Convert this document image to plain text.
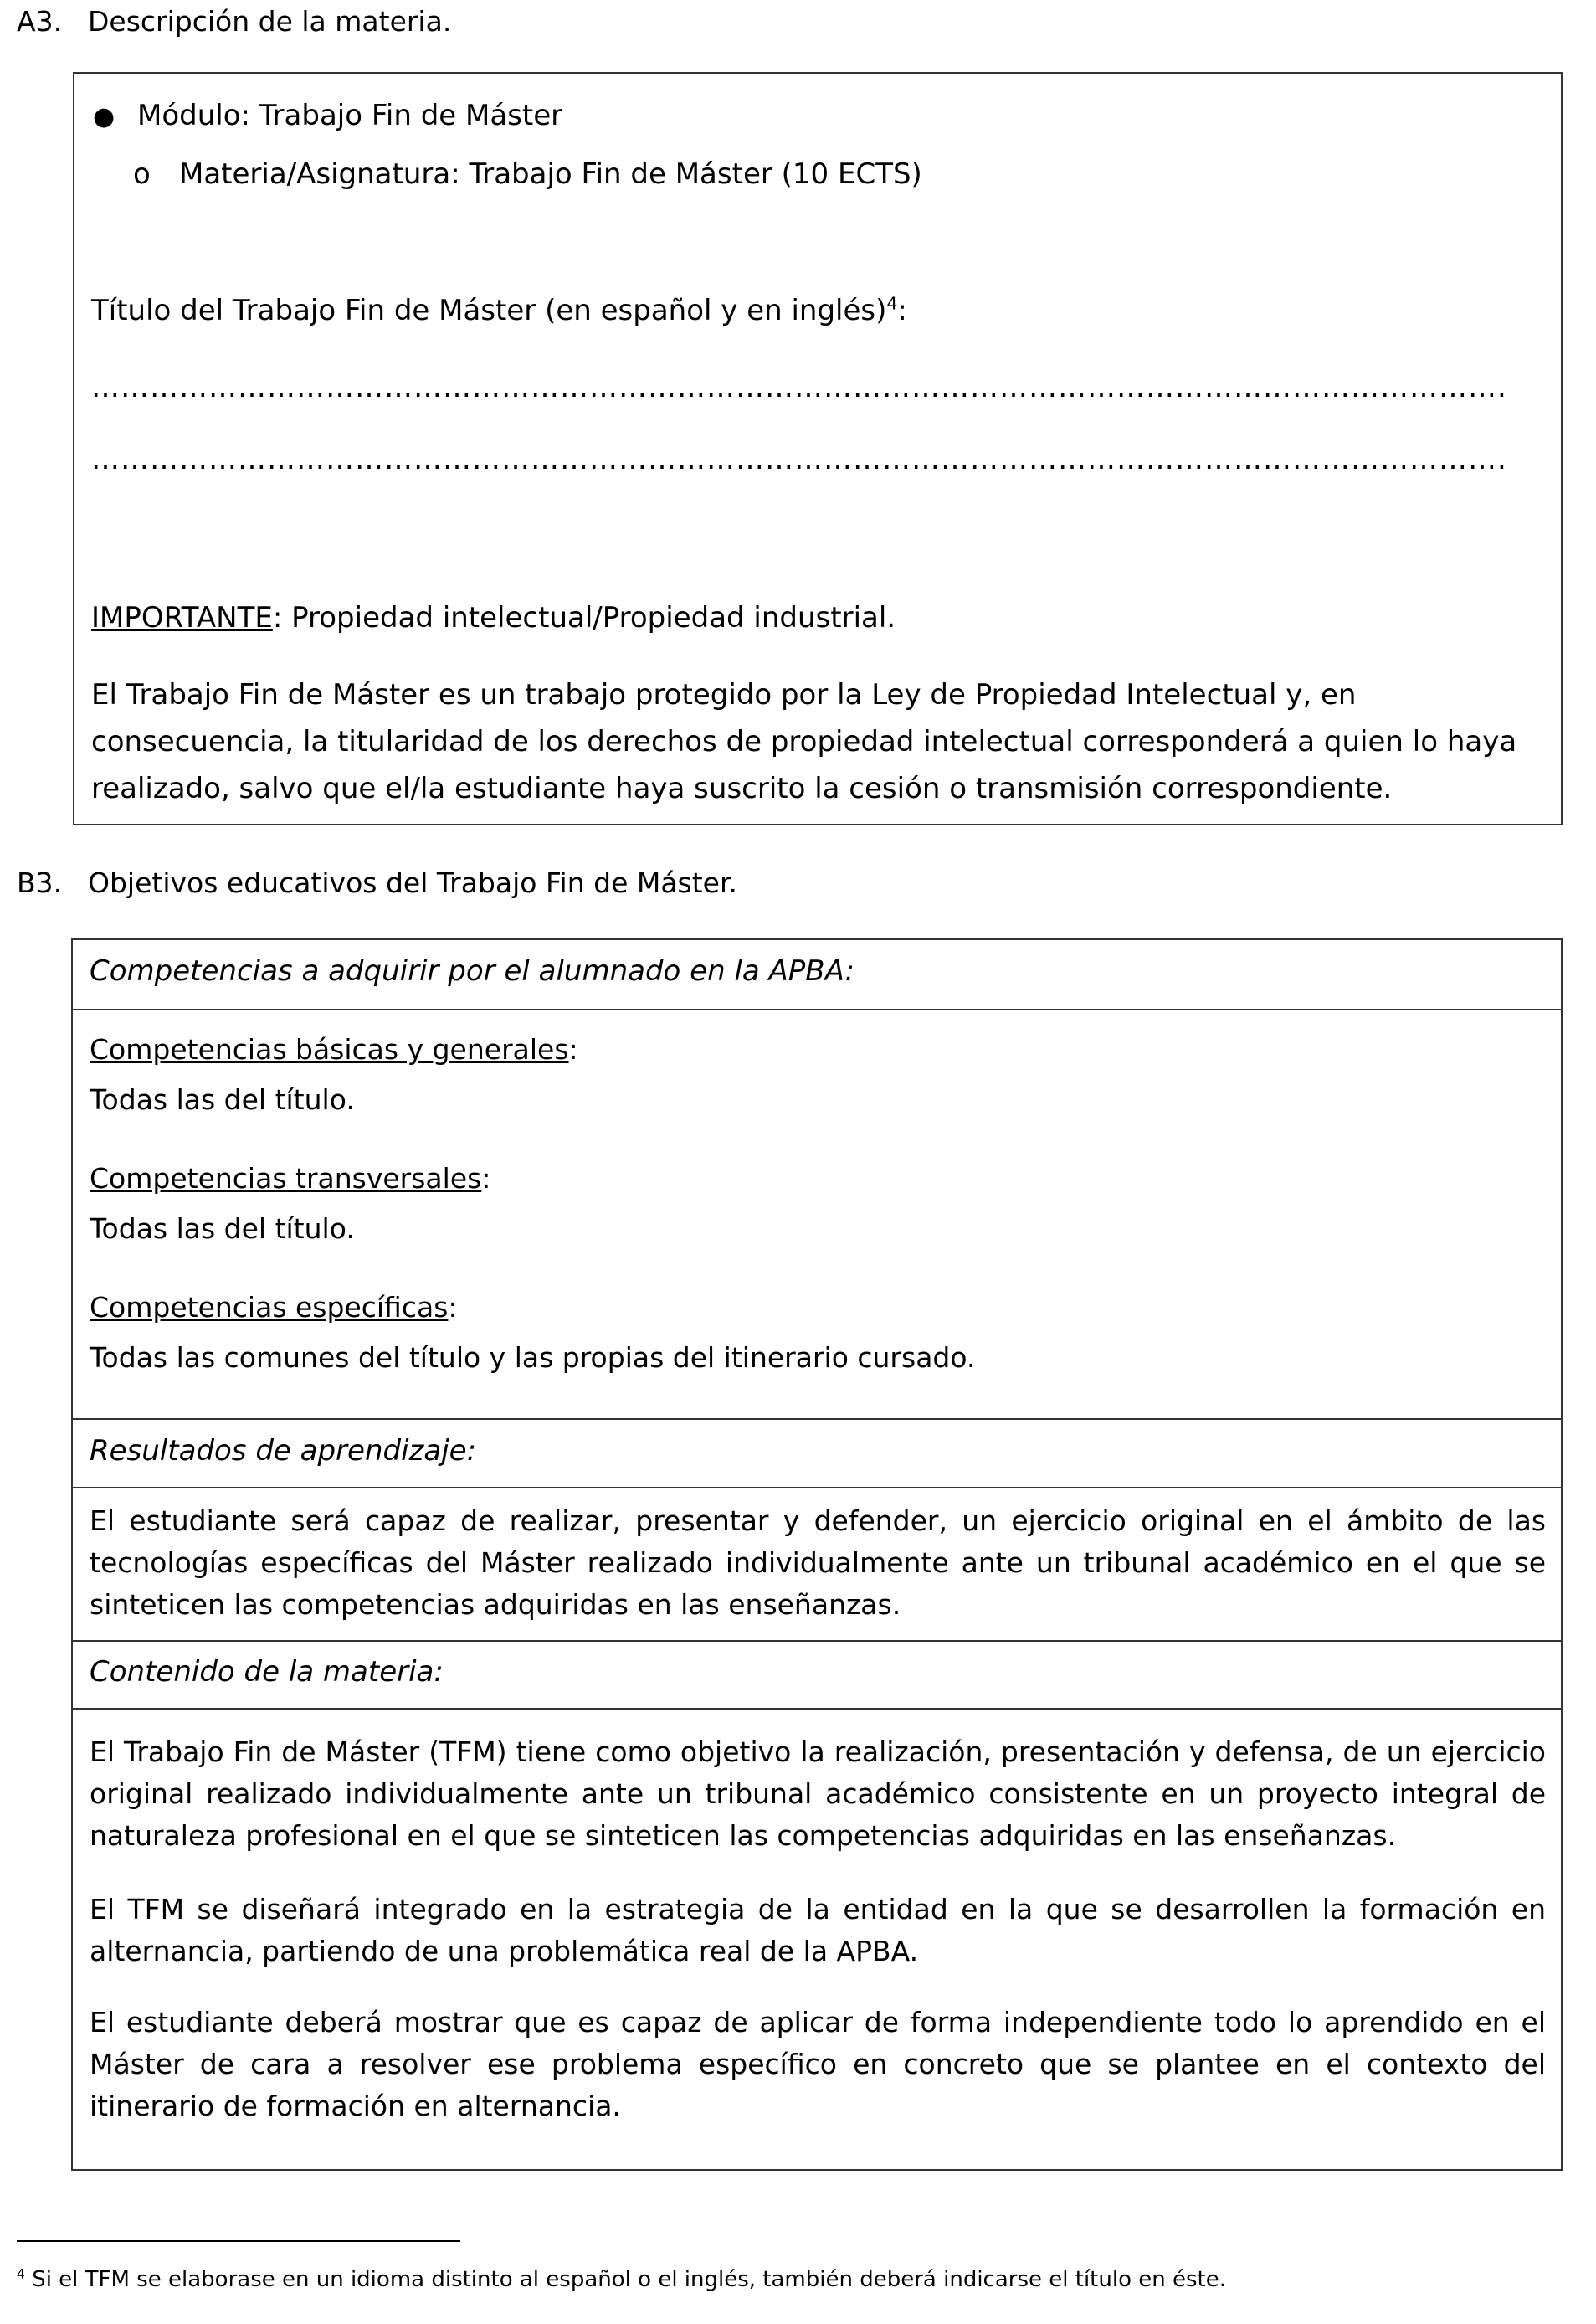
A3. Descripción de la materia.
● Módulo: Trabajo Fin de Máster
o Materia/Asignatura: Trabajo Fin de Máster (10 ECTS)
Título del Trabajo Fin de Máster (en español y en inglés)$^4$:
……………………………………………………………………………………………………………………………….
……………………………………………………………………………………………………………………………….
IMPORTANTE: Propiedad intelectual/Propiedad industrial.
El Trabajo Fin de Máster es un trabajo protegido por la Ley de Propiedad Intelectual y, en consecuencia, la titularidad de los derechos de propiedad intelectual corresponderá a quien lo haya realizado, salvo que el/la estudiante haya suscrito la cesión o transmisión correspondiente.
B3. Objetivos educativos del Trabajo Fin de Máster.
Competencias a adquirir por el alumnado en la APBA:
Competencias básicas y generales:
Todas las del título.
Competencias transversales:
Todas las del título.
Competencias específicas:
Todas las comunes del título y las propias del itinerario cursado.
Resultados de aprendizaje:
El estudiante será capaz de realizar, presentar y defender, un ejercicio original en el ámbito de las tecnologías específicas del Máster realizado individualmente ante un tribunal académico en el que se sinteticen las competencias adquiridas en las enseñanzas.
Contenido de la materia:
El Trabajo Fin de Máster (TFM) tiene como objetivo la realización, presentación y defensa, de un ejercicio original realizado individualmente ante un tribunal académico consistente en un proyecto integral de naturaleza profesional en el que se sinteticen las competencias adquiridas en las enseñanzas.
El TFM se diseñará integrado en la estrategia de la entidad en la que se desarrollen la formación en alternancia, partiendo de una problemática real de la APBA.
El estudiante deberá mostrar que es capaz de aplicar de forma independiente todo lo aprendido en el Máster de cara a resolver ese problema específico en concreto que se plantee en el contexto del itinerario de formación en alternancia.
$^4$ Si el TFM se elaborase en un idioma distinto al español o el inglés, también deberá indicarse el título en éste.
